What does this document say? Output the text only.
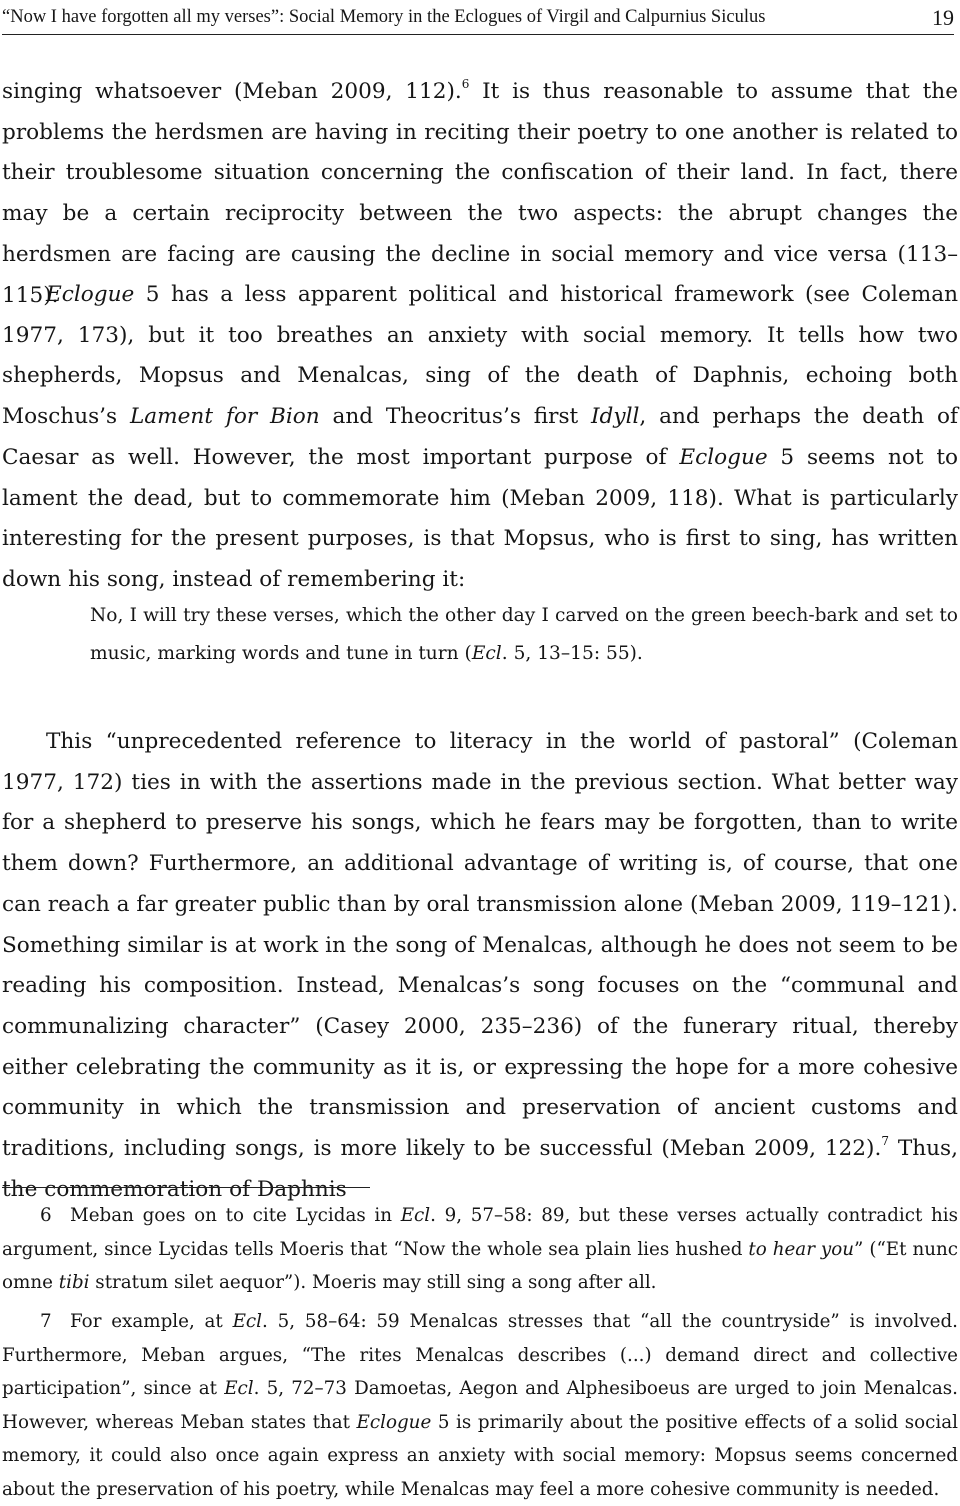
“Now I have forgotten all my verses”: Social Memory in the Eclogues of Virgil and Calpurnius Siculus	19

singing whatsoever (Meban 2009, 112).$^6$ It is thus reasonable to assume that the problems the herdsmen are having in reciting their poetry to one another is related to their troublesome situation concerning the confiscation of their land. In fact, there may be a certain reciprocity between the two aspects: the abrupt changes the herdsmen are facing are causing the decline in social memory and vice versa (113–115).

Eclogue 5 has a less apparent political and historical framework (see Coleman 1977, 173), but it too breathes an anxiety with social memory. It tells how two shepherds, Mopsus and Menalcas, sing of the death of Daphnis, echoing both Moschus’s Lament for Bion and Theocritus’s first Idyll, and perhaps the death of Caesar as well. However, the most important purpose of Eclogue 5 seems not to lament the dead, but to commemorate him (Meban 2009, 118). What is particularly interesting for the present purposes, is that Mopsus, who is first to sing, has written down his song, instead of remembering it:

No, I will try these verses, which the other day I carved on the green beech-bark and set to music, marking words and tune in turn (Ecl. 5, 13–15: 55).

This “unprecedented reference to literacy in the world of pastoral” (Coleman 1977, 172) ties in with the assertions made in the previous section. What better way for a shepherd to preserve his songs, which he fears may be forgotten, than to write them down? Furthermore, an additional advantage of writing is, of course, that one can reach a far greater public than by oral transmission alone (Meban 2009, 119–121). Something similar is at work in the song of Menalcas, although he does not seem to be reading his composition. Instead, Menalcas’s song focuses on the “communal and communalizing character” (Casey 2000, 235–236) of the funerary ritual, thereby either celebrating the community as it is, or expressing the hope for a more cohesive community in which the transmission and preservation of ancient customs and traditions, including songs, is more likely to be successful (Meban 2009, 122).$^7$ Thus, the commemoration of Daphnis

6 Meban goes on to cite Lycidas in Ecl. 9, 57–58: 89, but these verses actually contradict his argument, since Lycidas tells Moeris that “Now the whole sea plain lies hushed to hear you” (“Et nunc omne tibi stratum silet aequor”). Moeris may still sing a song after all.

7 For example, at Ecl. 5, 58–64: 59 Menalcas stresses that “all the countryside” is involved. Furthermore, Meban argues, “The rites Menalcas describes (...) demand direct and collective participation”, since at Ecl. 5, 72–73 Damoetas, Aegon and Alphesiboeus are urged to join Menalcas. However, whereas Meban states that Eclogue 5 is primarily about the positive effects of a solid social memory, it could also once again express an anxiety with social memory: Mopsus seems concerned about the preservation of his poetry, while Menalcas may feel a more cohesive community is needed.
